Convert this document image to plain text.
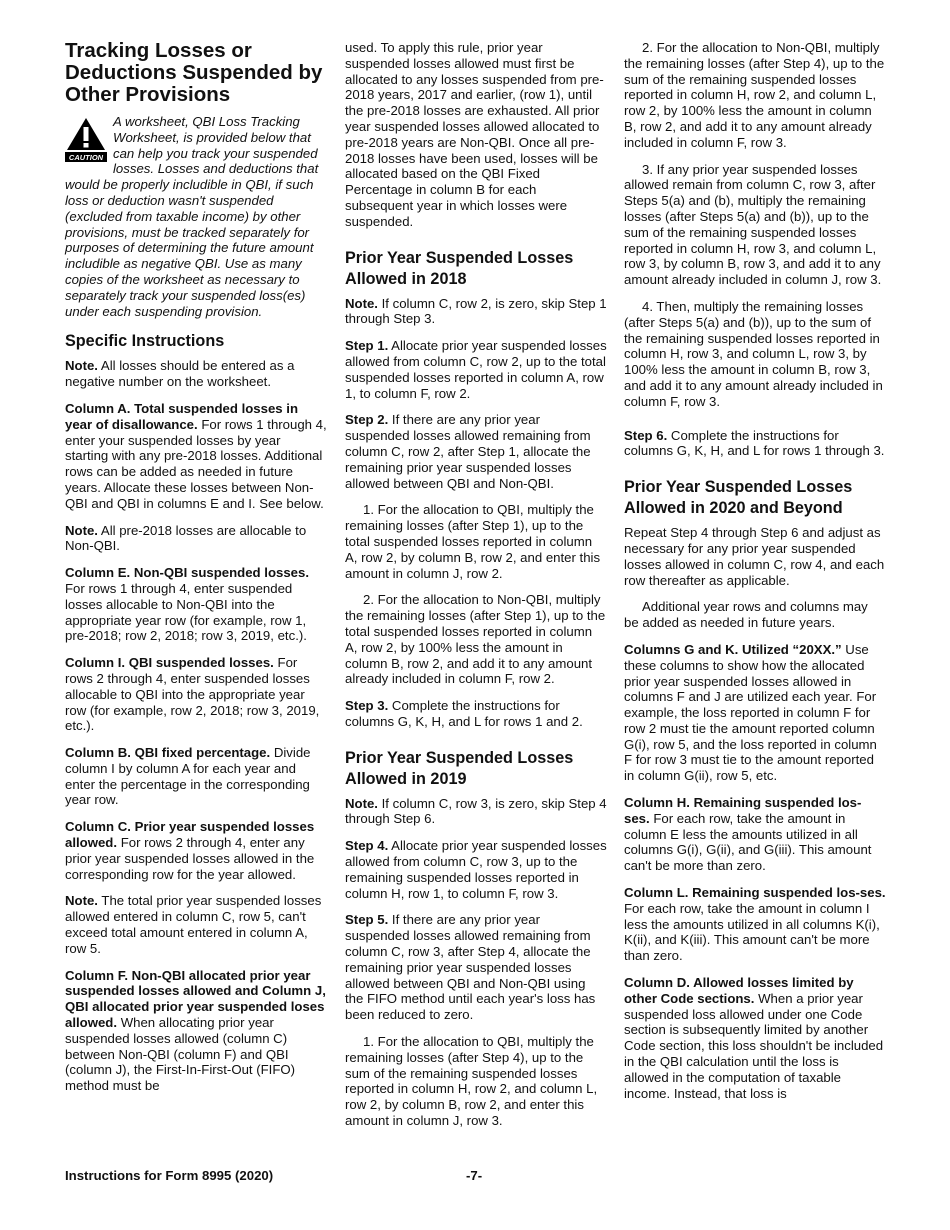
Tracking Losses or Deductions Suspended by Other Provisions

CAUTION
A worksheet, QBI Loss Tracking Worksheet, is provided below that can help you track your suspended losses. Losses and deductions that would be properly includible in QBI, if such loss or deduction wasn't suspended (excluded from taxable income) by other provisions, must be tracked separately for purposes of determining the future amount includible as negative QBI. Use as many copies of the worksheet as necessary to separately track your suspended loss(es) under each suspending provision.

Specific Instructions

Note. All losses should be entered as a negative number on the worksheet.

Column A. Total suspended losses in year of disallowance. For rows 1 through 4, enter your suspended losses by year starting with any pre-2018 losses. Additional rows can be added as needed in future years. Allocate these losses between Non-QBI and QBI in columns E and I. See below.

Note. All pre-2018 losses are allocable to Non-QBI.

Column E. Non-QBI suspended losses. For rows 1 through 4, enter suspended losses allocable to Non-QBI into the appropriate year row (for example, row 1, pre-2018; row 2, 2018; row 3, 2019, etc.).

Column I. QBI suspended losses. For rows 2 through 4, enter suspended losses allocable to QBI into the appropriate year row (for example, row 2, 2018; row 3, 2019, etc.).

Column B. QBI fixed percentage. Divide column I by column A for each year and enter the percentage in the corresponding year row.

Column C. Prior year suspended losses allowed. For rows 2 through 4, enter any prior year suspended losses allowed in the corresponding row for the year allowed.

Note. The total prior year suspended losses allowed entered in column C, row 5, can't exceed total amount entered in column A, row 5.

Column F. Non-QBI allocated prior year suspended losses allowed and Column J, QBI allocated prior year suspended loses allowed. When allocating prior year suspended losses allowed (column C) between Non-QBI (column F) and QBI (column J), the First-In-First-Out (FIFO) method must be

used. To apply this rule, prior year suspended losses allowed must first be allocated to any losses suspended from pre-2018 years, 2017 and earlier, (row 1), until the pre-2018 losses are exhausted. All prior year suspended losses allowed allocated to pre-2018 years are Non-QBI. Once all pre-2018 losses have been used, losses will be allocated based on the QBI Fixed Percentage in column B for each subsequent year in which losses were suspended.

Prior Year Suspended Losses Allowed in 2018

Note. If column C, row 2, is zero, skip Step 1 through Step 3.

Step 1. Allocate prior year suspended losses allowed from column C, row 2, up to the total suspended losses reported in column A, row 1, to column F, row 2.

Step 2. If there are any prior year suspended losses allowed remaining from column C, row 2, after Step 1, allocate the remaining prior year suspended losses allowed between QBI and Non-QBI.

1. For the allocation to QBI, multiply the remaining losses (after Step 1), up to the total suspended losses reported in column A, row 2, by column B, row 2, and enter this amount in column J, row 2.

2. For the allocation to Non-QBI, multiply the remaining losses (after Step 1), up to the total suspended losses reported in column A, row 2, by 100% less the amount in column B, row 2, and add it to any amount already included in column F, row 2.

Step 3. Complete the instructions for columns G, K, H, and L for rows 1 and 2.

Prior Year Suspended Losses Allowed in 2019

Note. If column C, row 3, is zero, skip Step 4 through Step 6.

Step 4. Allocate prior year suspended losses allowed from column C, row 3, up to the remaining suspended losses reported in column H, row 1, to column F, row 3.

Step 5. If there are any prior year suspended losses allowed remaining from column C, row 3, after Step 4, allocate the remaining prior year suspended losses allowed between QBI and Non-QBI using the FIFO method until each year's loss has been reduced to zero.

1. For the allocation to QBI, multiply the remaining losses (after Step 4), up to the sum of the remaining suspended losses reported in column H, row 2, and column L, row 2, by column B, row 2, and enter this amount in column J, row 3.

2. For the allocation to Non-QBI, multiply the remaining losses (after Step 4), up to the sum of the remaining suspended losses reported in column H, row 2, and column L, row 2, by 100% less the amount in column B, row 2, and add it to any amount already included in column F, row 3.

3. If any prior year suspended losses allowed remain from column C, row 3, after Steps 5(a) and (b), multiply the remaining losses (after Steps 5(a) and (b)), up to the sum of the remaining suspended losses reported in column H, row 3, and column L, row 3, by column B, row 3, and add it to any amount already included in column J, row 3.

4. Then, multiply the remaining losses (after Steps 5(a) and (b)), up to the sum of the remaining suspended losses reported in column H, row 3, and column L, row 3, by 100% less the amount in column B, row 3, and add it to any amount already included in column F, row 3.

Step 6. Complete the instructions for columns G, K, H, and L for rows 1 through 3.

Prior Year Suspended Losses Allowed in 2020 and Beyond

Repeat Step 4 through Step 6 and adjust as necessary for any prior year suspended losses allowed in column C, row 4, and each row thereafter as applicable.

Additional year rows and columns may be added as needed in future years.

Columns G and K. Utilized “20XX.” Use these columns to show how the allocated prior year suspended losses allowed in columns F and J are utilized each year. For example, the loss reported in column F for row 2 must tie the amount reported column G(i), row 5, and the loss reported in column F for row 3 must tie to the amount reported in column G(ii), row 5, etc.

Column H. Remaining suspended los-ses. For each row, take the amount in column E less the amounts utilized in all columns G(i), G(ii), and G(iii). This amount can't be more than zero.

Column L. Remaining suspended los-ses. For each row, take the amount in column I less the amounts utilized in all columns K(i), K(ii), and K(iii). This amount can't be more than zero.

Column D. Allowed losses limited by other Code sections. When a prior year suspended loss allowed under one Code section is subsequently limited by another Code section, this loss shouldn't be included in the QBI calculation until the loss is allowed in the computation of taxable income. Instead, that loss is

Instructions for Form 8995 (2020)	-7-
